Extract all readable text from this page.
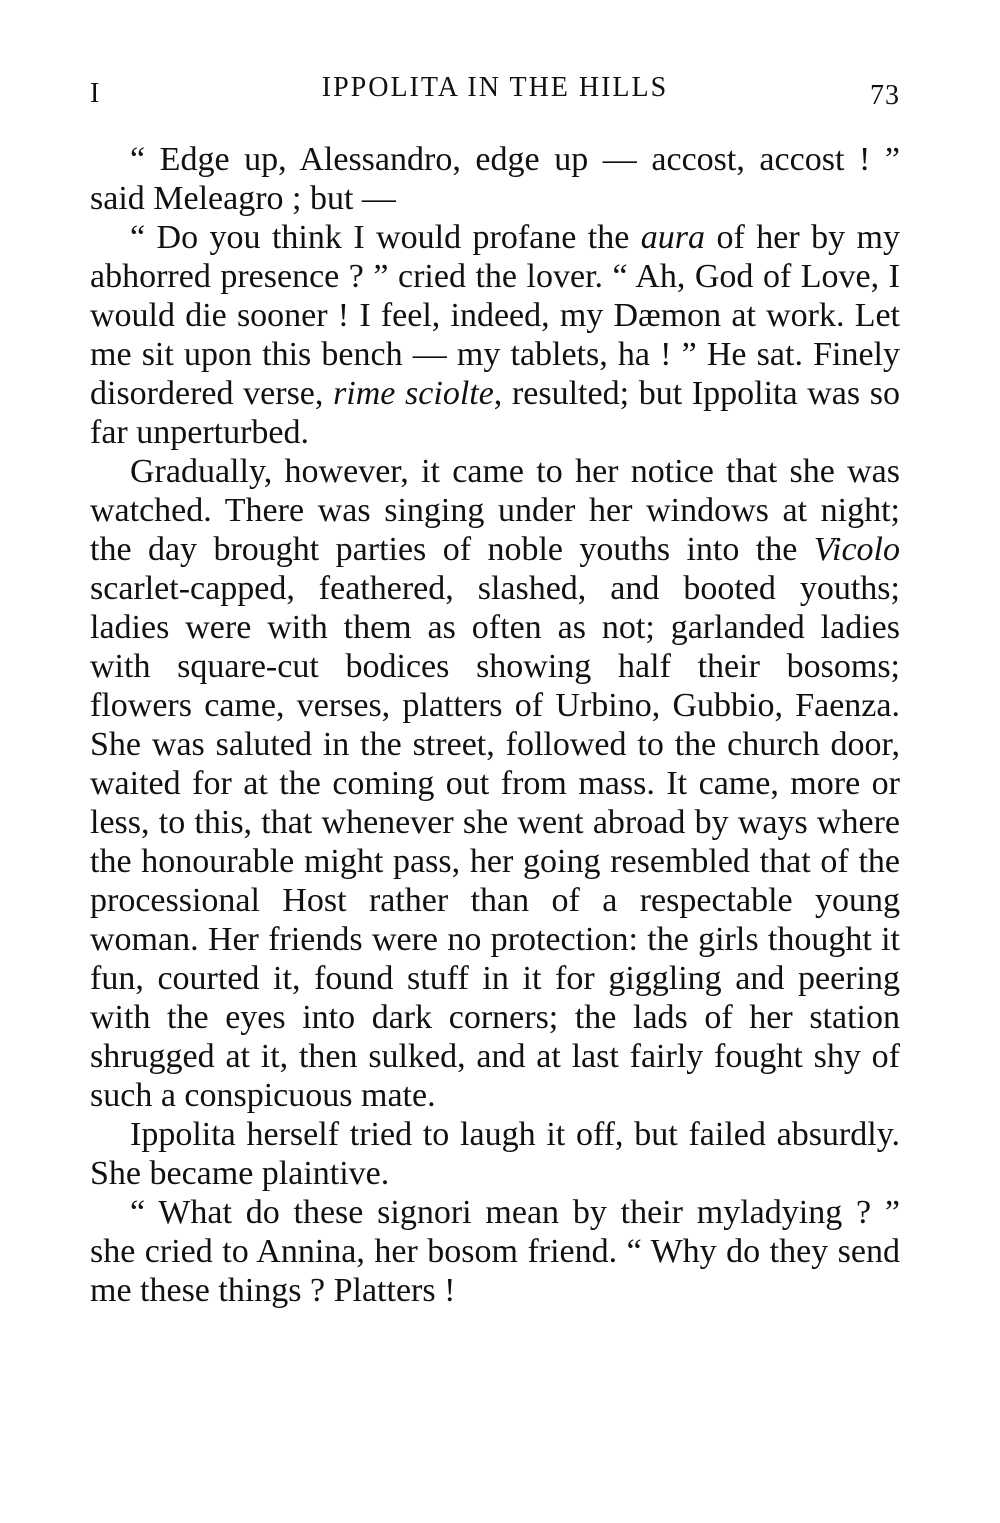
I	IPPOLITA IN THE HILLS	73

“ Edge up, Alessandro, edge up — accost, accost ! ” said Meleagro ; but —

“ Do you think I would profane the aura of her by my abhorred presence ? ” cried the lover. “ Ah, God of Love, I would die sooner ! I feel, indeed, my Dæmon at work. Let me sit upon this bench — my tablets, ha ! ” He sat. Finely disordered verse, rime sciolte, resulted; but Ippolita was so far unperturbed.

Gradually, however, it came to her notice that she was watched. There was singing under her windows at night; the day brought parties of noble youths into the Vicolo scarlet-capped, feathered, slashed, and booted youths; ladies were with them as often as not; garlanded ladies with square-cut bodices showing half their bosoms; flowers came, verses, platters of Urbino, Gubbio, Faenza. She was saluted in the street, followed to the church door, waited for at the coming out from mass. It came, more or less, to this, that whenever she went abroad by ways where the honourable might pass, her going resembled that of the processional Host rather than of a respectable young woman. Her friends were no protection: the girls thought it fun, courted it, found stuff in it for giggling and peering with the eyes into dark corners; the lads of her station shrugged at it, then sulked, and at last fairly fought shy of such a conspicuous mate.

Ippolita herself tried to laugh it off, but failed absurdly. She became plaintive.

“ What do these signori mean by their myladying ? ” she cried to Annina, her bosom friend. “ Why do they send me these things ? Platters !
